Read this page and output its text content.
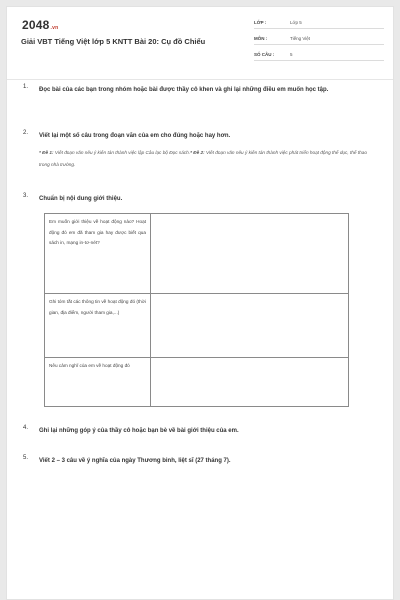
2048.vn
Giải VBT Tiếng Việt lớp 5 KNTT Bài 20: Cụ đồ Chiểu
LỚP :	Lớp 5
MÔN :	Tiếng Việt
SỐ CÂU :	5
1.	Đọc bài của các bạn trong nhóm hoặc bài được thầy cô khen và ghi lại những điều em muốn học tập.
2.	Viết lại một số câu trong đoạn văn của em cho đúng hoặc hay hơn.
* Đề 1: Viết đoạn văn nêu ý kiến tán thành việc lập Câu lạc bộ Đọc sách.* Đề 2: Viết đoạn văn nêu ý kiến tán thành việc phát triển hoạt động thể dục, thể thao trong nhà trường.
3.	Chuẩn bị nội dung giới thiệu.
Em muốn giới thiệu về hoạt động nào? Hoạt động đó em đã tham gia hay được biết qua sách in, mạng in-tơ-nét?	
Ghi tóm tắt các thông tin về hoạt động đó (thời gian, địa điểm, người tham gia,...)	
Nêu cảm nghĩ của em về hoạt động đó	
4.	Ghi lại những góp ý của thầy cô hoặc bạn bè về bài giới thiệu của em.
5.	Viết 2 – 3 câu về ý nghĩa của ngày Thương binh, liệt sĩ (27 tháng 7).
